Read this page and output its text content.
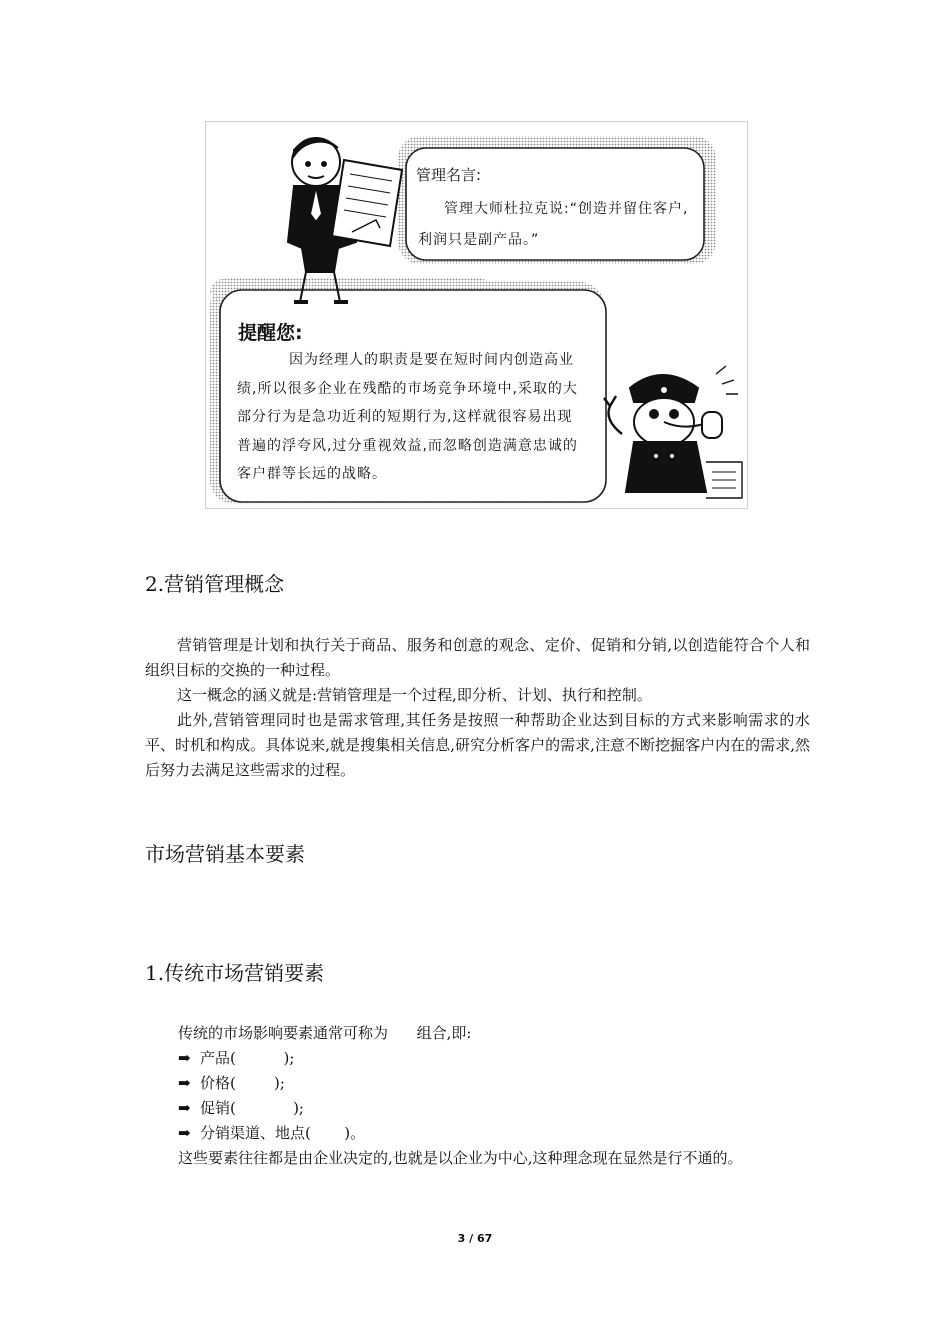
管理名言:
管理大师杜拉克说:“创造并留住客户,利润只是副产品。”
提醒您:
因为经理人的职责是要在短时间内创造高业绩,所以很多企业在残酷的市场竞争环境中,采取的大部分行为是急功近利的短期行为,这样就很容易出现普遍的浮夸风,过分重视效益,而忽略创造满意忠诚的客户群等长远的战略。
2.营销管理概念

营销管理是计划和执行关于商品、服务和创意的观念、定价、促销和分销,以创造能符合个人和组织目标的交换的一种过程。

这一概念的涵义就是:营销管理是一个过程,即分析、计划、执行和控制。

此外,营销管理同时也是需求管理,其任务是按照一种帮助企业达到目标的方式来影响需求的水平、时机和构成。具体说来,就是搜集相关信息,研究分析客户的需求,注意不断挖掘客户内在的需求,然后努力去满足这些需求的过程。

市场营销基本要素
1.传统市场营销要素
传统的市场影响要素通常可称为      组合,即:
➡ 产品(          );
➡ 价格(        );
➡ 促销(            );
➡ 分销渠道、地点(       )。
这些要素往往都是由企业决定的,也就是以企业为中心,这种理念现在显然是行不通的。
3 / 67
